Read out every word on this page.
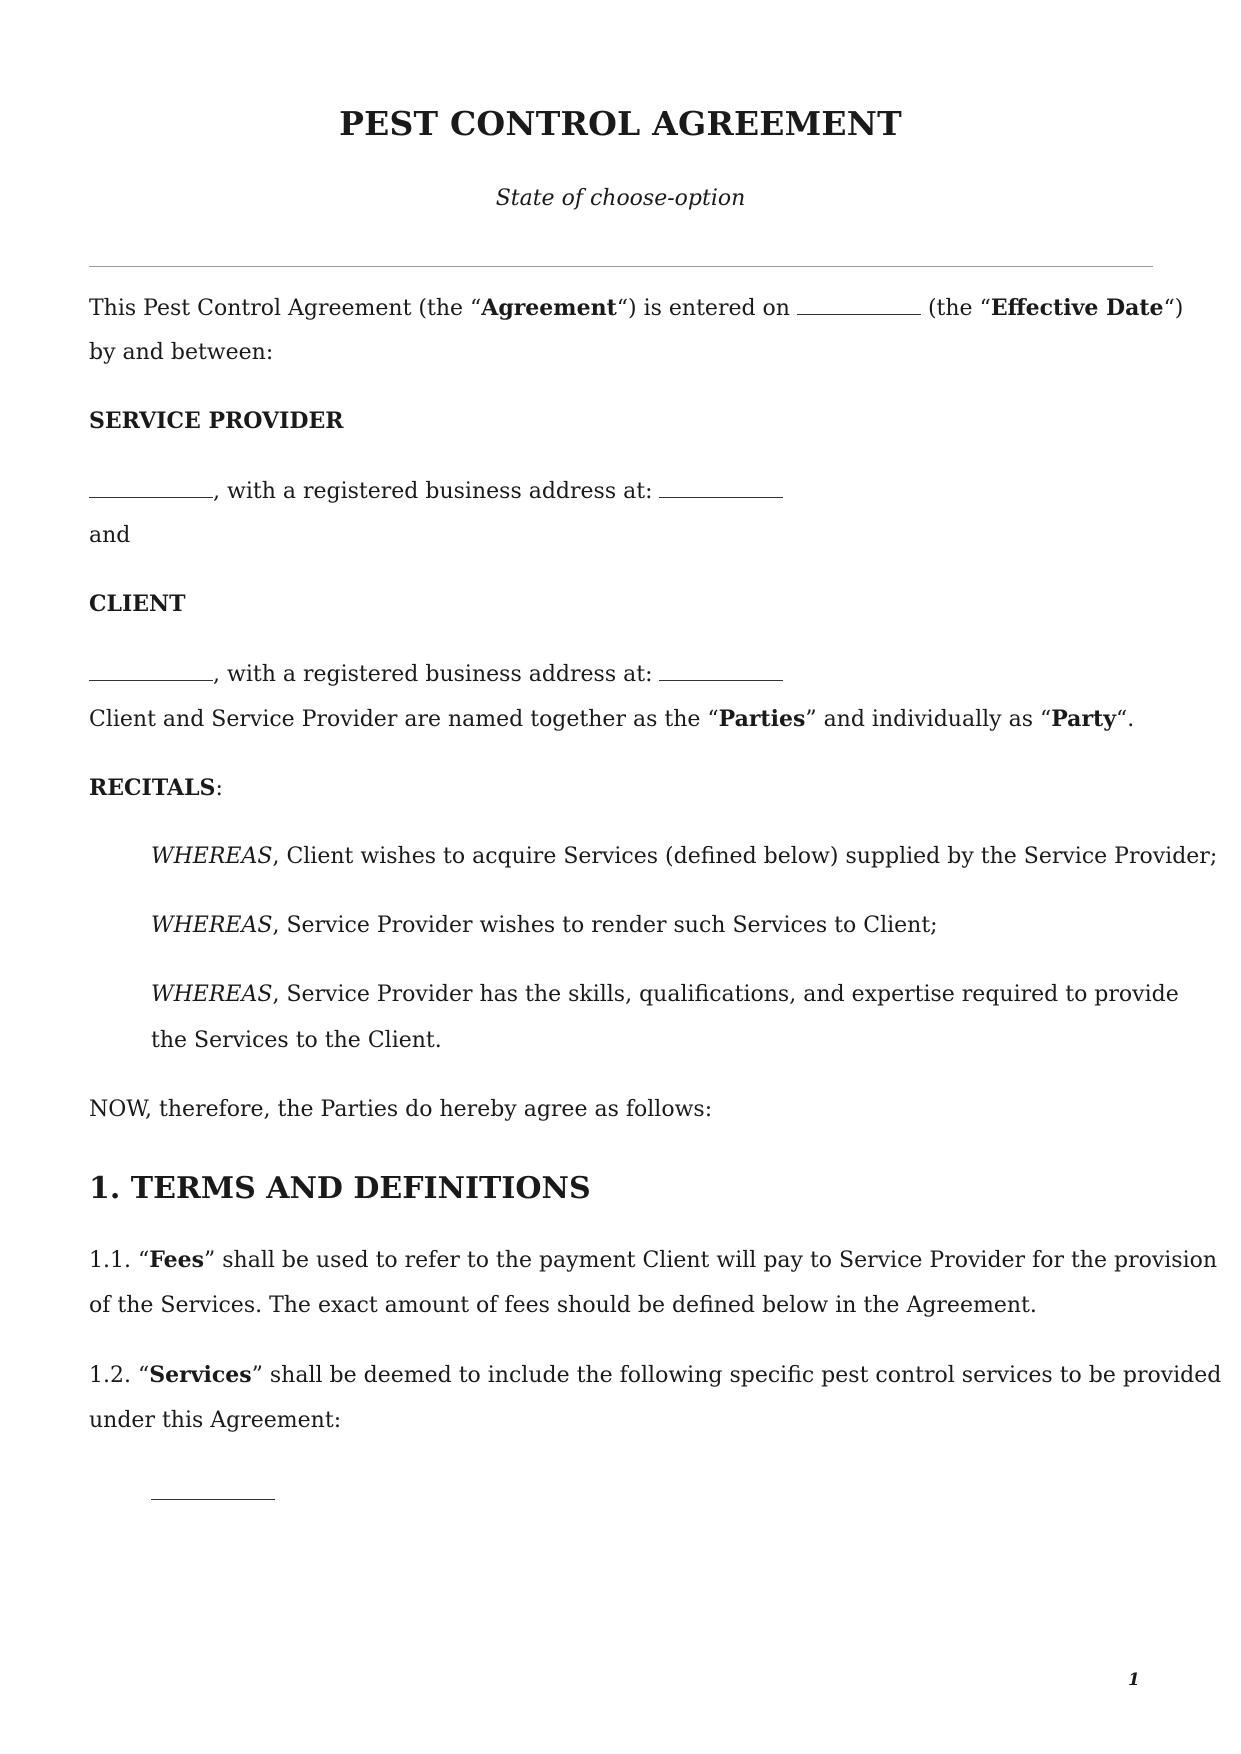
PEST CONTROL AGREEMENT

State of choose-option

This Pest Control Agreement (the “Agreement“) is entered on	(the “Effective Date“)

by and between:

SERVICE PROVIDER

, with a registered business address at:

and

CLIENT

, with a registered business address at:

Client and Service Provider are named together as the “Parties” and individually as “Party“.

RECITALS:

WHEREAS, Client wishes to acquire Services (defined below) supplied by the Service Provider;

WHEREAS, Service Provider wishes to render such Services to Client;

WHEREAS, Service Provider has the skills, qualifications, and expertise required to provide

the Services to the Client.

NOW, therefore, the Parties do hereby agree as follows:

1. TERMS AND DEFINITIONS

1.1. “Fees” shall be used to refer to the payment Client will pay to Service Provider for the provision

of the Services. The exact amount of fees should be defined below in the Agreement.

1.2. “Services” shall be deemed to include the following specific pest control services to be provided

under this Agreement:

1
